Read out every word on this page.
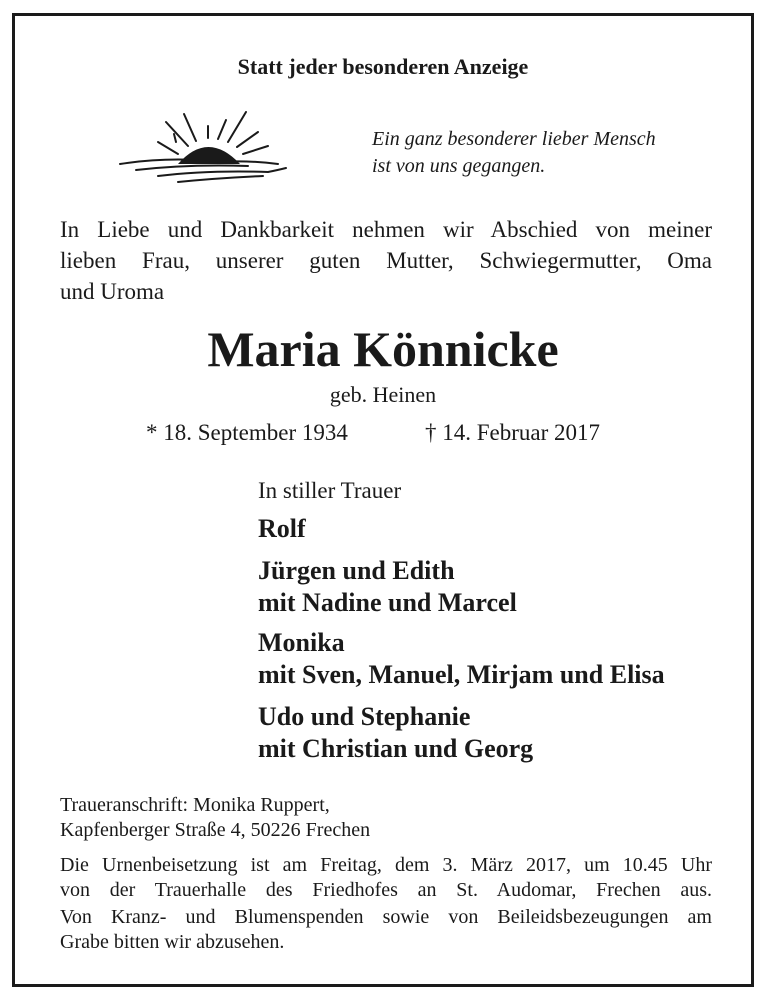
Statt jeder besonderen Anzeige
Ein ganz besonderer lieber Mensch
ist von uns gegangen.
In Liebe und Dankbarkeit nehmen wir Abschied von meiner
lieben Frau, unserer guten Mutter, Schwiegermutter, Oma
und Uroma
Maria Könnicke
geb. Heinen
* 18. September 1934	† 14. Februar 2017
In stiller Trauer
Rolf
Jürgen und Edith
mit Nadine und Marcel
Monika
mit Sven, Manuel, Mirjam und Elisa
Udo und Stephanie
mit Christian und Georg
Traueranschrift: Monika Ruppert,
Kapfenberger Straße 4, 50226 Frechen
Die Urnenbeisetzung ist am Freitag, dem 3. März 2017, um 10.45 Uhr
von der Trauerhalle des Friedhofes an St. Audomar, Frechen aus.
Von Kranz- und Blumenspenden sowie von Beileidsbezeugungen am
Grabe bitten wir abzusehen.
